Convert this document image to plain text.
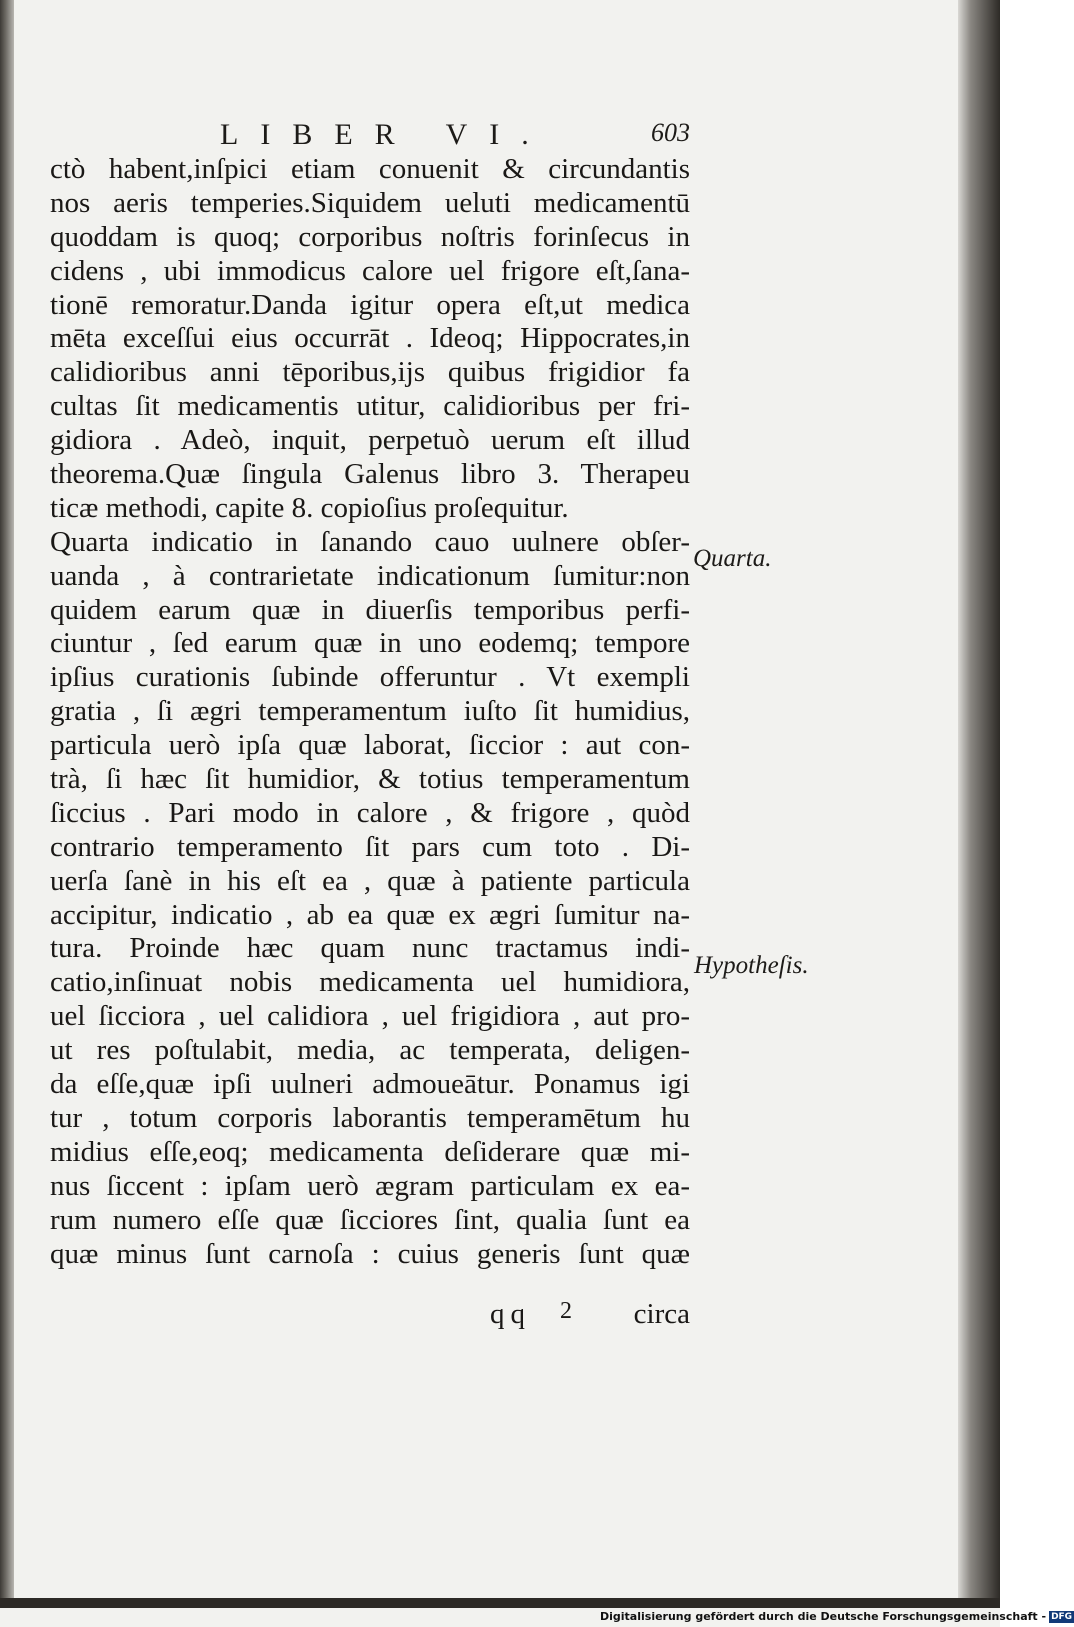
LIBER VI.	603
ctò habent,inſpici etiam conuenit & circundantis
nos aeris temperies.Siquidem ueluti medicamentū
quoddam is quoq; corporibus noſtris forinſecus in
cidens , ubi immodicus calore uel frigore eſt,ſana-
tionē remoratur.Danda igitur opera eſt,ut medica
mēta exceſſui eius occurrāt . Ideoq; Hippocrates,in
calidioribus anni tēporibus,ijs quibus frigidior fa
cultas ſit medicamentis utitur, calidioribus per fri-
gidiora . Adeò, inquit, perpetuò uerum eſt illud
theorema.Quæ ſingula Galenus libro 3. Therapeu
ticæ methodi, capite 8. copioſius proſequitur.
Quarta indicatio in ſanando cauo uulnere obſer-
uanda , à contrarietate indicationum ſumitur:non
quidem earum quæ in diuerſis temporibus perfi-
ciuntur , ſed earum quæ in uno eodemq; tempore
ipſius curationis ſubinde offeruntur . Vt exempli
gratia , ſi ægri temperamentum iuſto ſit humidius,
particula uerò ipſa quæ laborat, ſiccior : aut con-
trà, ſi hæc ſit humidior, & totius temperamentum
ſiccius . Pari modo in calore , & frigore , quòd
contrario temperamento ſit pars cum toto . Di-
uerſa ſanè in his eſt ea , quæ à patiente particula
accipitur, indicatio , ab ea quæ ex ægri ſumitur na-
tura. Proinde hæc quam nunc tractamus indi-
catio,inſinuat nobis medicamenta uel humidiora,
uel ſicciora , uel calidiora , uel frigidiora , aut pro-
ut res poſtulabit, media, ac temperata, deligen-
da eſſe,quæ ipſi uulneri admoueātur. Ponamus igi
tur , totum corporis laborantis temperamētum hu
midius eſſe,eoq; medicamenta deſiderare quæ mi-
nus ſiccent : ipſam uerò ægram particulam ex ea-
rum numero eſſe quæ ſicciores ſint, qualia ſunt ea
quæ minus ſunt carnoſa : cuius generis ſunt quæ
Quarta.
Hypotheſis.
qq 2 circa
Digitalisierung gefördert durch die Deutsche Forschungsgemeinschaft - DFG
